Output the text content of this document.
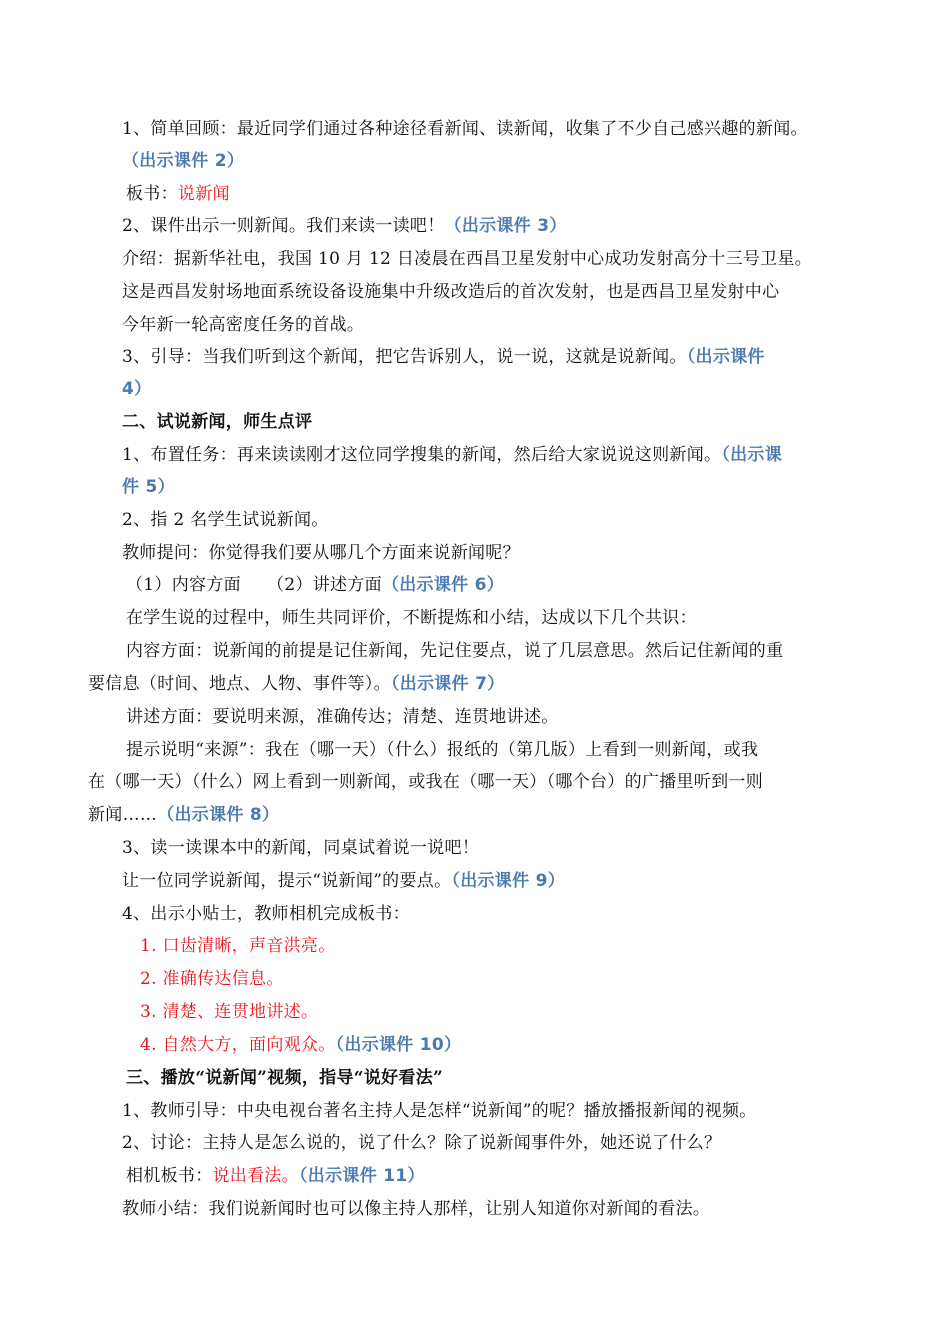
1、简单回顾：最近同学们通过各种途径看新闻、读新闻，收集了不少自己感兴趣的新闻。
（出示课件 2）
板书：说新闻
2、课件出示一则新闻。我们来读一读吧！（出示课件 3）
介绍：据新华社电，我国 10 月 12 日凌晨在西昌卫星发射中心成功发射高分十三号卫星。
这是西昌发射场地面系统设备设施集中升级改造后的首次发射，也是西昌卫星发射中心
今年新一轮高密度任务的首战。
3、引导：当我们听到这个新闻，把它告诉别人，说一说，这就是说新闻。（出示课件
4）
二、试说新闻，师生点评
1、布置任务：再来读读刚才这位同学搜集的新闻，然后给大家说说这则新闻。（出示课
件 5）
2、指 2 名学生试说新闻。
教师提问：你觉得我们要从哪几个方面来说新闻呢？
（1）内容方面　　（2）讲述方面（出示课件 6）
在学生说的过程中，师生共同评价，不断提炼和小结，达成以下几个共识：
内容方面：说新闻的前提是记住新闻，先记住要点，说了几层意思。然后记住新闻的重
要信息（时间、地点、人物、事件等）。（出示课件 7）
讲述方面：要说明来源，准确传达；清楚、连贯地讲述。
提示说明“来源”：我在（哪一天）（什么）报纸的（第几版）上看到一则新闻，或我
在（哪一天）（什么）网上看到一则新闻，或我在（哪一天）（哪个台）的广播里听到一则
新闻……（出示课件 8）
3、读一读课本中的新闻，同桌试着说一说吧！
让一位同学说新闻，提示“说新闻”的要点。（出示课件 9）
4、出示小贴士，教师相机完成板书：
1. 口齿清晰，声音洪亮。
2. 准确传达信息。
3. 清楚、连贯地讲述。
4. 自然大方，面向观众。（出示课件 10）
三、播放“说新闻”视频，指导“说好看法”
1、教师引导：中央电视台著名主持人是怎样“说新闻”的呢？播放播报新闻的视频。
2、讨论：主持人是怎么说的，说了什么？除了说新闻事件外，她还说了什么？
相机板书：说出看法。（出示课件 11）
教师小结：我们说新闻时也可以像主持人那样，让别人知道你对新闻的看法。
